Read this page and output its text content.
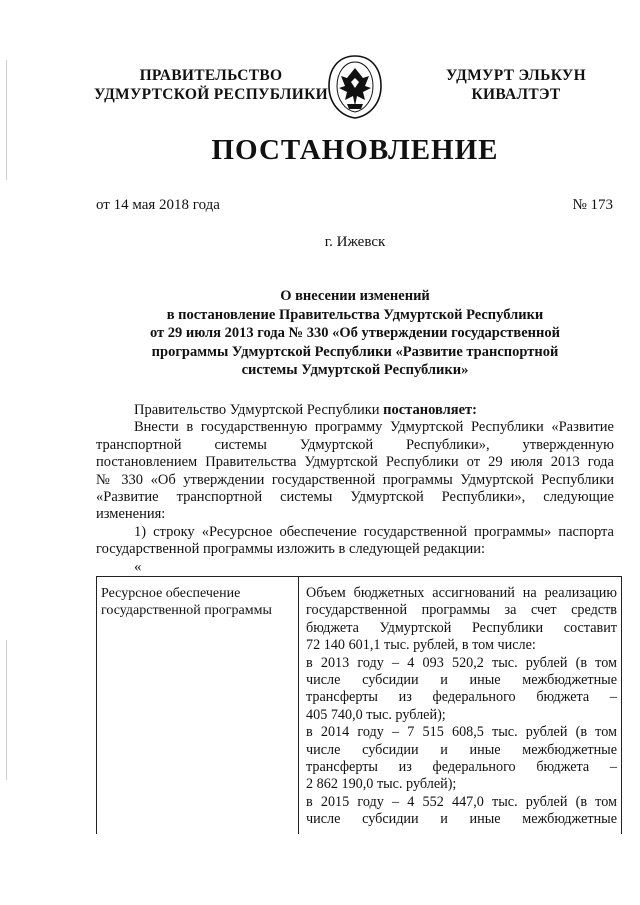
ПРАВИТЕЛЬСТВО
УДМУРТСКОЙ РЕСПУБЛИКИ
УДМУРТ ЭЛЬКУН
КИВАЛТЭТ
ПОСТАНОВЛЕНИЕ
от 14 мая 2018 года	№ 173
г. Ижевск
О внесении изменений
в постановление Правительства Удмуртской Республики
от 29 июля 2013 года № 330 «Об утверждении государственной
программы Удмуртской Республики «Развитие транспортной
системы Удмуртской Республики»

Правительство Удмуртской Республики постановляет:

Внести в государственную программу Удмуртской Республики «Развитие

транспортной системы Удмуртской Республики», утвержденную

постановлением Правительства Удмуртской Республики от 29 июля 2013 года

№ 330 «Об утверждении государственной программы Удмуртской Республики

«Развитие транспортной системы Удмуртской Республики», следующие

изменения:

1) строку «Ресурсное обеспечение государственной программы» паспорта

государственной программы изложить в следующей редакции:

«
Ресурсное обеспечение
государственной программы

Объем бюджетных ассигнований на реализацию

государственной программы за счет средств

бюджета Удмуртской Республики составит

72 140 601,1 тыс. рублей, в том числе:

в 2013 году – 4 093 520,2 тыс. рублей (в том

числе субсидии и иные межбюджетные

трансферты из федерального бюджета –

405 740,0 тыс. рублей);

в 2014 году – 7 515 608,5 тыс. рублей (в том

числе субсидии и иные межбюджетные

трансферты из федерального бюджета –

2 862 190,0 тыс. рублей);

в 2015 году – 4 552 447,0 тыс. рублей (в том

числе субсидии и иные межбюджетные
